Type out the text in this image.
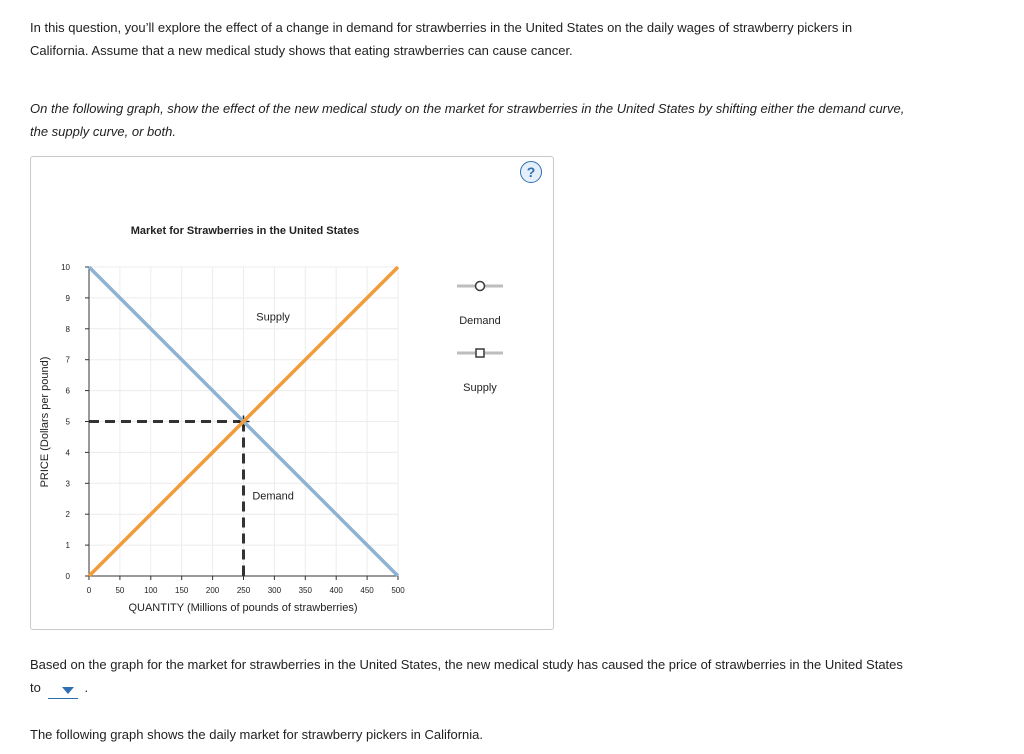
In this question, you’ll explore the effect of a change in demand for strawberries in the United States on the daily wages of strawberry pickers in California. Assume that a new medical study shows that eating strawberries can cause cancer.
On the following graph, show the effect of the new medical study on the market for strawberries in the United States by shifting either the demand curve, the supply curve, or both.
?
Market for Strawberries in the United States
PRICE (Dollars per pound)
QUANTITY (Millions of pounds of strawberries)
0
1
2
3
4
5
6
7
8
9
10
0	50 100 150 200 250 300 350 400 450 500
Demand
Supply	Demand
Supply
Based on the graph for the market for strawberries in the United States, the new medical study has caused the price of strawberries in the United States to	.
The following graph shows the daily market for strawberry pickers in California.
